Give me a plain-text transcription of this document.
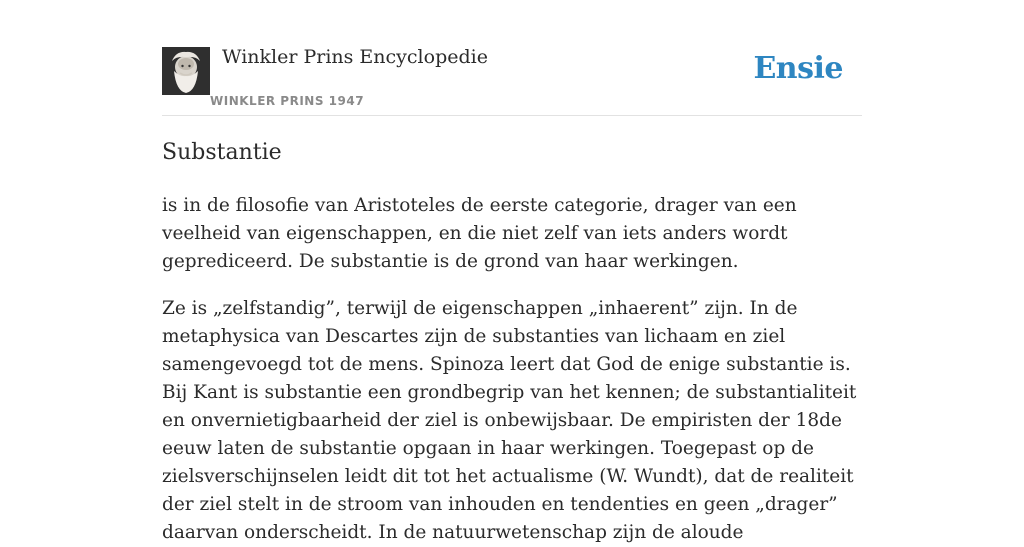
Winkler Prins Encyclopedie
WINKLER PRINS 1947
Ensie
Substantie

is in de filosofie van Aristoteles de eerste categorie, drager van een veelheid van eigenschappen, en die niet zelf van iets anders wordt geprediceerd. De substantie is de grond van haar werkingen.

Ze is „zelfstandig”, terwijl de eigenschappen „inhaerent” zijn. In de metaphysica van Descartes zijn de substanties van lichaam en ziel samengevoegd tot de mens. Spinoza leert dat God de enige substantie is. Bij Kant is substantie een grondbegrip van het kennen; de substantialiteit en onvernietigbaarheid der ziel is onbewijsbaar. De empiristen der 18de eeuw laten de substantie opgaan in haar werkingen. Toegepast op de zielsverschijnselen leidt dit tot het actualisme (W. Wundt), dat de realiteit der ziel stelt in de stroom van inhouden en tendenties en geen „drager” daarvan onderscheidt. In de natuurwetenschap zijn de aloude
